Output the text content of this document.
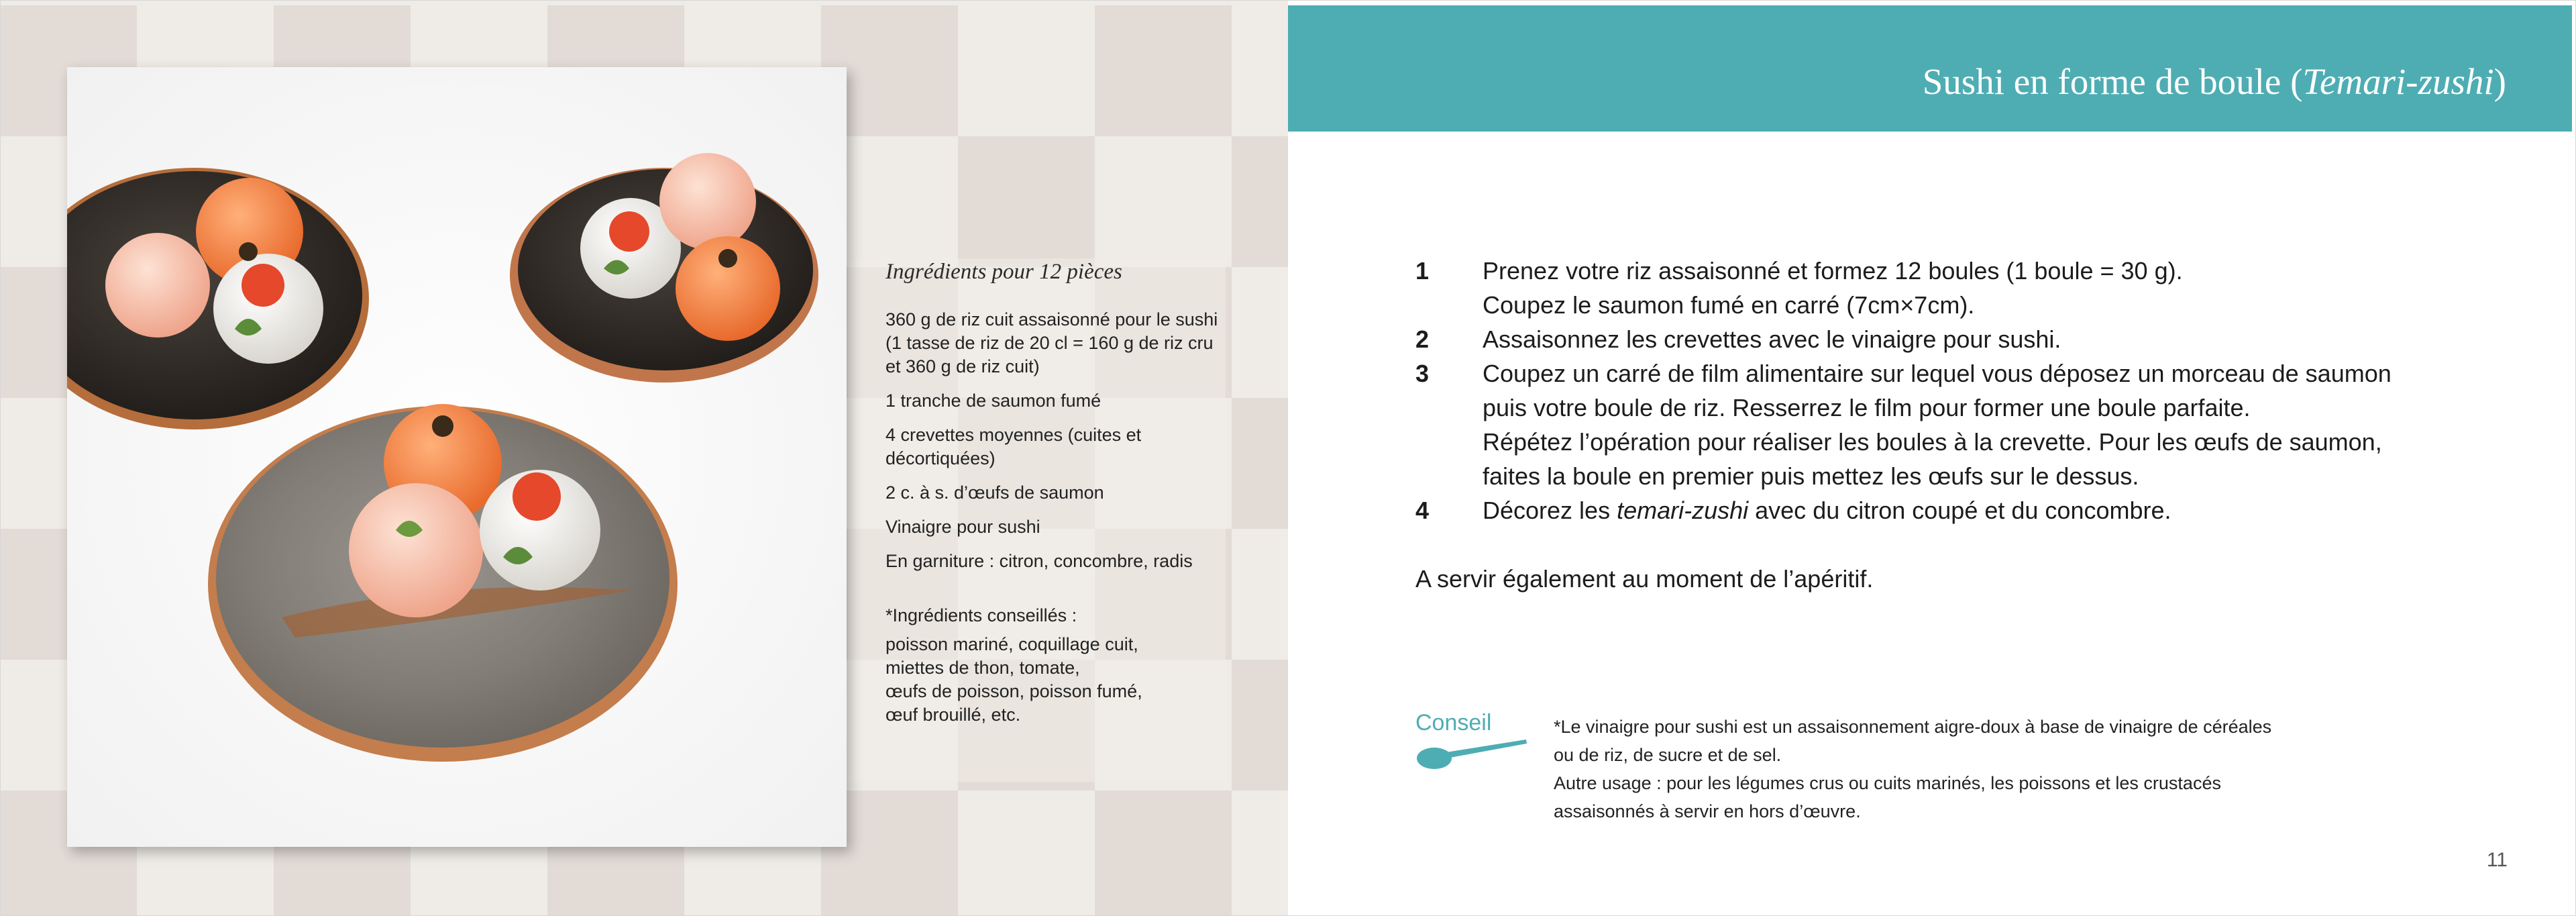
Ingrédients pour 12 pièces
360 g de riz cuit assaisonné pour le sushi (1 tasse de riz de 20 cl = 160 g de riz cru et 360 g de riz cuit)
1 tranche de saumon fumé
4 crevettes moyennes (cuites et décortiquées)
2 c. à s. d’œufs de saumon
Vinaigre pour sushi
En garniture : citron, concombre, radis
*Ingrédients conseillés :
poisson mariné, coquillage cuit,
miettes de thon, tomate,
œufs de poisson, poisson fumé,
œuf brouillé, etc.
Sushi en forme de boule (Temari-zushi)
1 Prenez votre riz assaisonné et formez 12 boules (1 boule = 30 g).
Coupez le saumon fumé en carré (7cm×7cm).
2 Assaisonnez les crevettes avec le vinaigre pour sushi.
3 Coupez un carré de film alimentaire sur lequel vous déposez un morceau de saumon
puis votre boule de riz. Resserrez le film pour former une boule parfaite.
Répétez l’opération pour réaliser les boules à la crevette. Pour les œufs de saumon,
faites la boule en premier puis mettez les œufs sur le dessus.
4 Décorez les temari-zushi avec du citron coupé et du concombre.
A servir également au moment de l’apéritif.
Conseil	*Le vinaigre pour sushi est un assaisonnement aigre-doux à base de vinaigre de céréales
ou de riz, de sucre et de sel.
Autre usage : pour les légumes crus ou cuits marinés, les poissons et les crustacés
assaisonnés à servir en hors d’œuvre.
11
